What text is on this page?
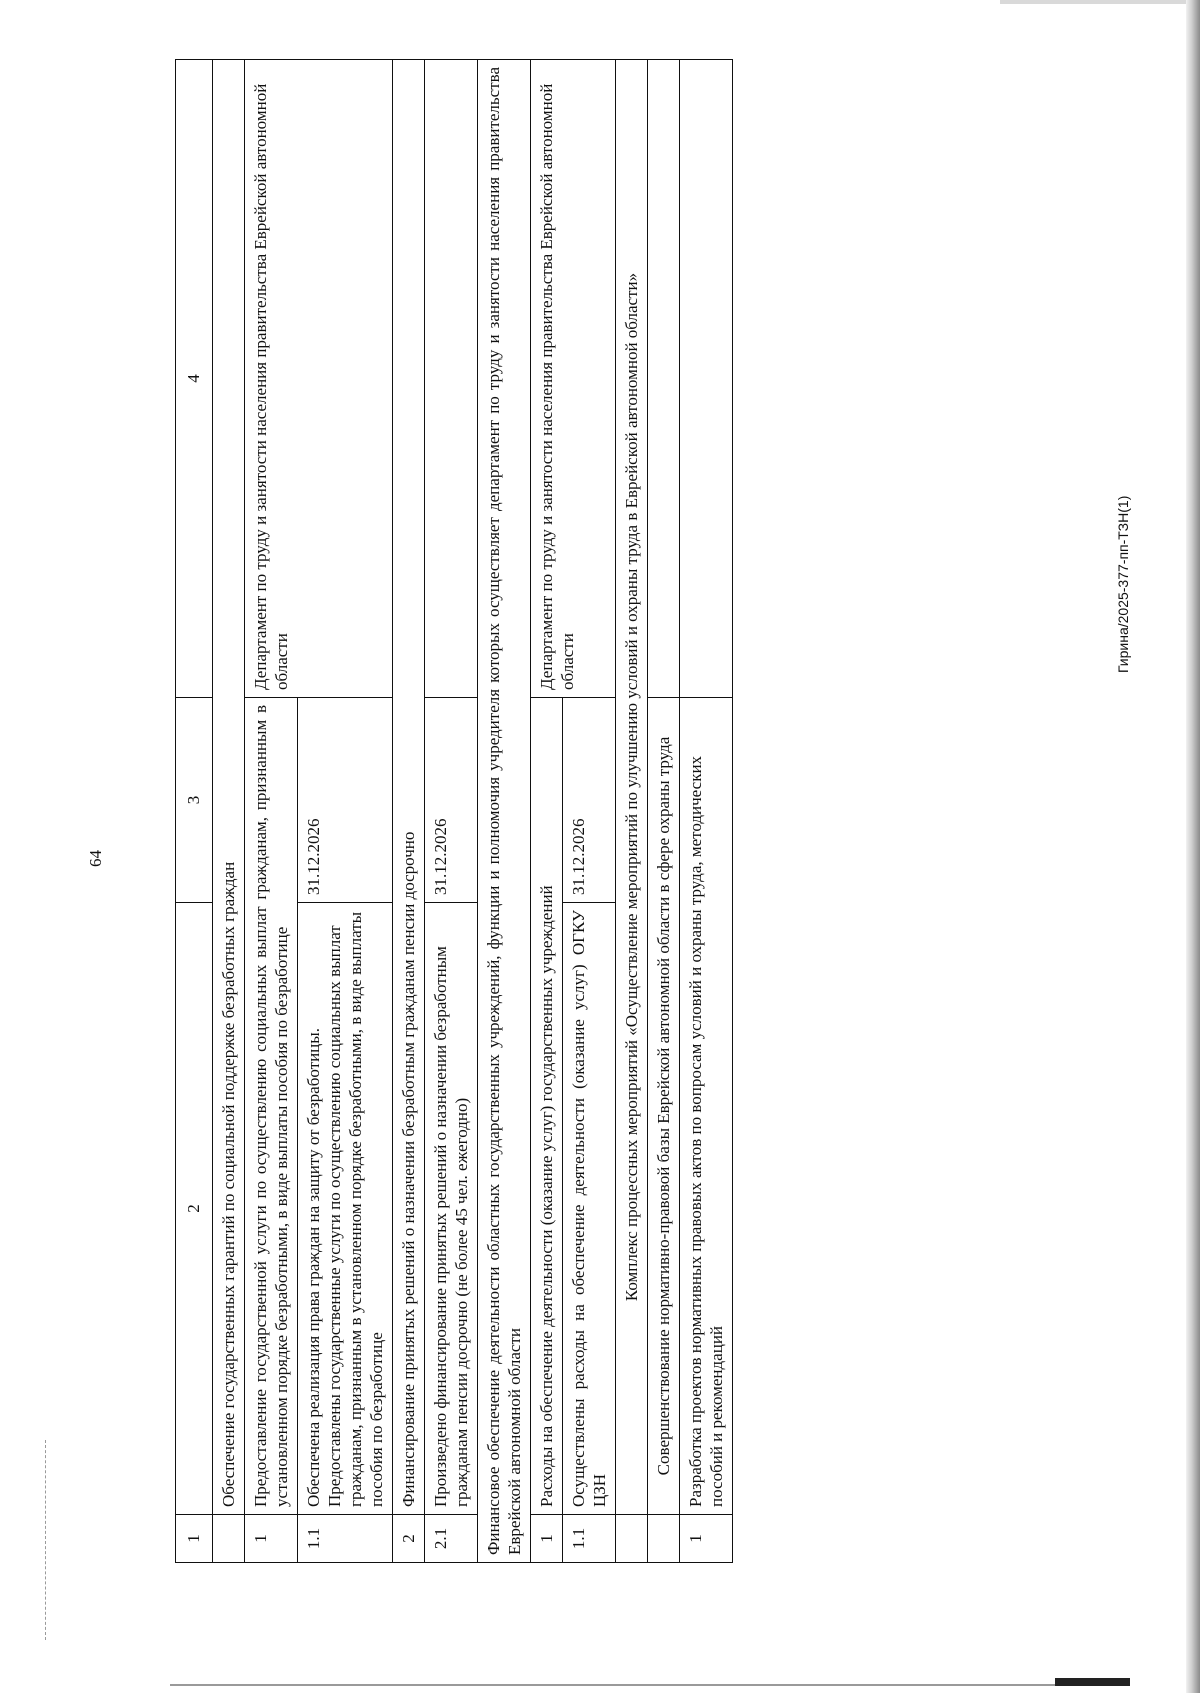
64
1	2	3	4
	Обеспечение государственных гарантий по социальной поддержке безработных граждан		
1	Предоставление государственной услуги по осуществлению социальных выплат гражданам, признанным в установленном порядке безработными, в виде выплаты пособия по безработице		Департамент по труду и занятости населения правительства Еврейской автономной области
1.1	Обеспечена реализация права граждан на защиту от безработицы. Предоставлены государственные услуги по осуществлению социальных выплат гражданам, признанным в установленном порядке безработными, в виде выплаты пособия по безработице	31.12.2026	
2	Финансирование принятых решений о назначении безработным гражданам пенсии досрочно		
2.1	Произведено финансирование принятых решений о назначении безработным гражданам пенсии досрочно (не более 45 чел. ежегодно)	31.12.2026	
Финансовое обеспечение деятельности областных государственных учреждений, функции и полномочия учредителя которых осуществляет департамент по труду и занятости населения правительства Еврейской автономной области			
1	Расходы на обеспечение деятельности (оказание услуг) государственных учреждений		Департамент по труду и занятости населения правительства Еврейской автономной области
1.1	Осуществлены расходы на обеспечение деятельности (оказание услуг) ОГКУ ЦЗН	31.12.2026	
	Комплекс процессных мероприятий «Осуществление мероприятий по улучшению условий и охраны труда в Еврейской автономной области»		
	Совершенствование нормативно-правовой базы Еврейской автономной области в сфере охраны труда		
1	Разработка проектов нормативных правовых актов по вопросам условий и охраны труда, методических пособий и рекомендаций		
Гирина/2025-377-пп-ТЗН(1)
